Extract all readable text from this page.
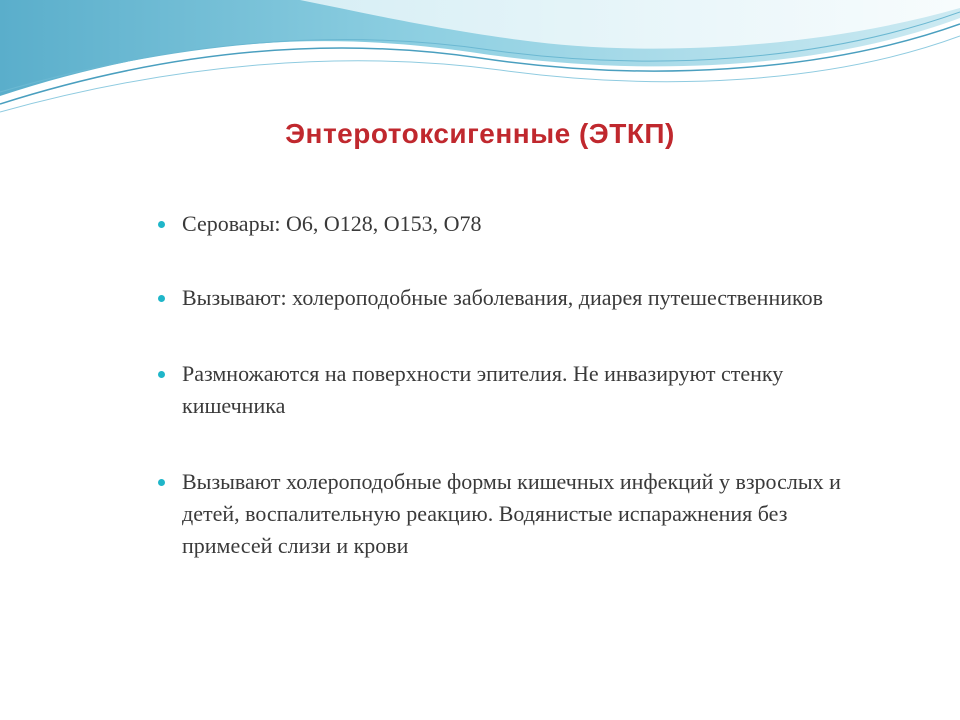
Энтеротоксигенные (ЭТКП)
Серовары: О6, О128, О153, О78
Вызывают: холероподобные заболевания, диарея путешественников
Размножаются на поверхности эпителия. Не инвазируют стенку кишечника
Вызывают холероподобные формы кишечных инфекций у взрослых и детей, воспалительную реакцию. Водянистые испаражнения без примесей слизи и крови
